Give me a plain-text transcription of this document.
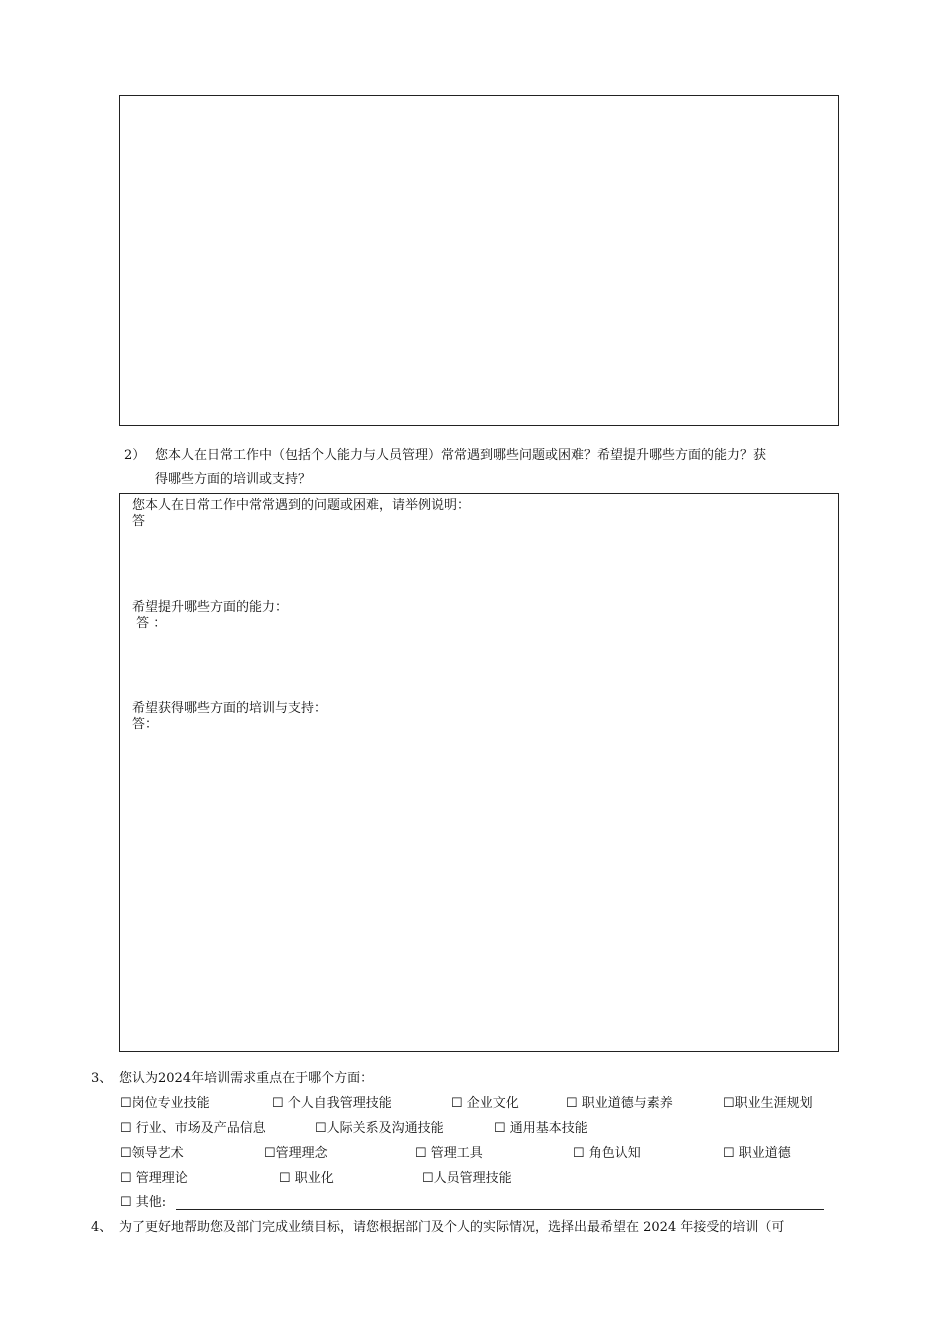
2） 您本人在日常工作中（包括个人能力与人员管理）常常遇到哪些问题或困难？希望提升哪些方面的能力？获
得哪些方面的培训或支持？
您本人在日常工作中常常遇到的问题或困难，请举例说明：
答
希望提升哪些方面的能力：
答 ：
希望获得哪些方面的培训与支持：
答：
3、 您认为2024年培训需求重点在于哪个方面：
☐岗位专业技能	☐ 个人自我管理技能	☐ 企业文化	☐ 职业道德与素养	☐职业生涯规划
☐ 行业、市场及产品信息	☐人际关系及沟通技能	☐ 通用基本技能
☐领导艺术	☐管理理念	☐ 管理工具	☐ 角色认知	☐ 职业道德
☐ 管理理论	☐ 职业化	☐人员管理技能
☐ 其他:
4、 为了更好地帮助您及部门完成业绩目标，请您根据部门及个人的实际情况，选择出最希望在 2024 年接受的培训（可
